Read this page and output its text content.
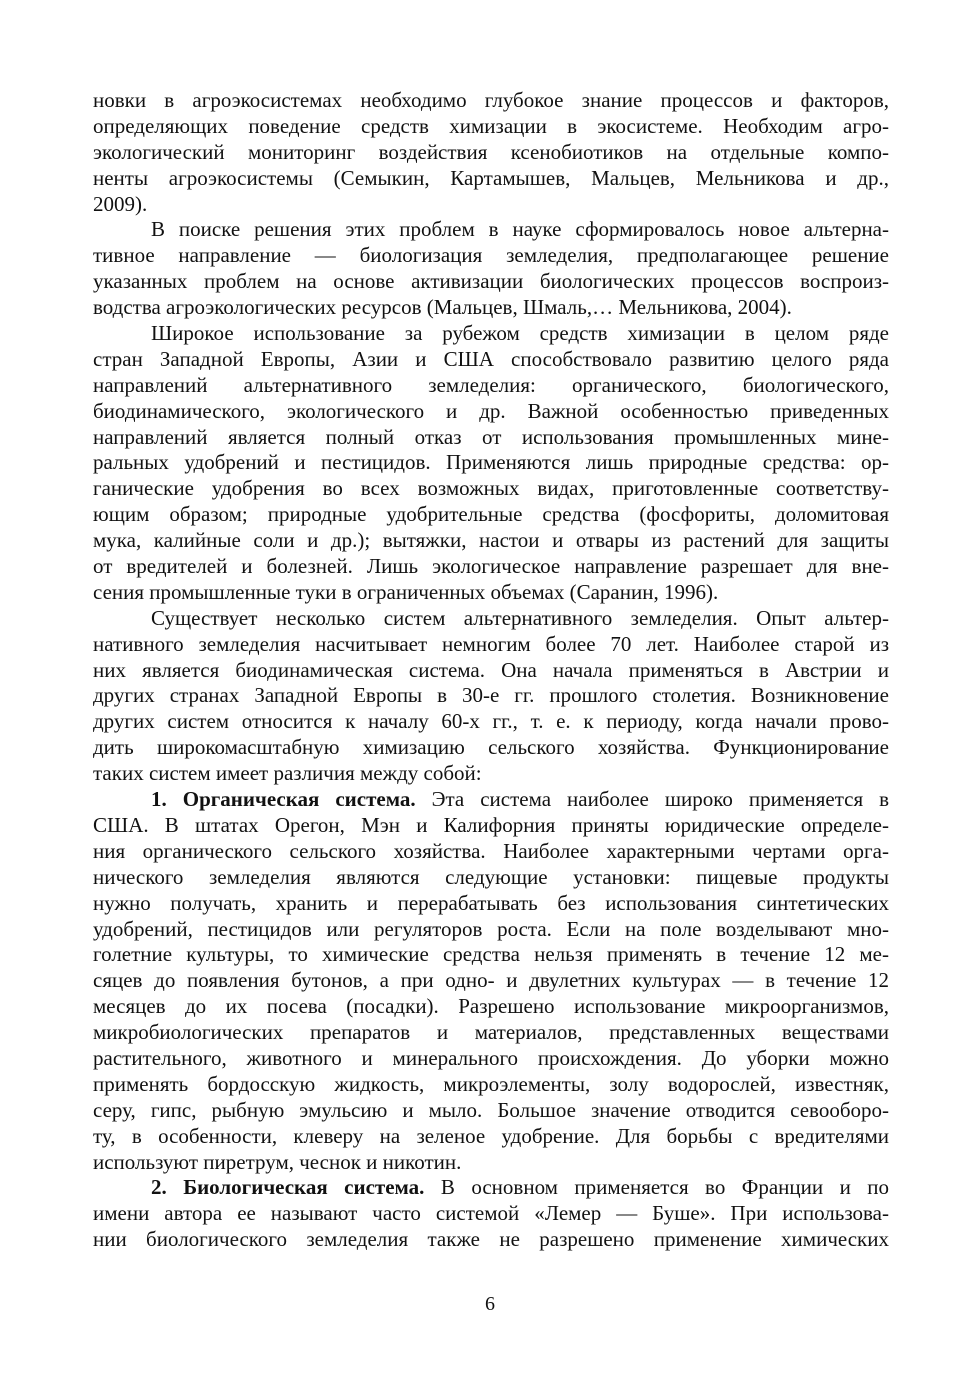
новки в агроэкосистемах необходимо глубокое знание процессов и факторов,
определяющих поведение средств химизации в экосистеме. Необходим агро-
экологический мониторинг воздействия ксенобиотиков на отдельные компо-
ненты агроэкосистемы (Семыкин, Картамышев, Мальцев, Мельникова и др.,
2009).
В поиске решения этих проблем в науке сформировалось новое альтерна-
тивное направление — биологизация земледелия, предполагающее решение
указанных проблем на основе активизации биологических процессов воспроиз-
водства агроэкологических ресурсов (Мальцев, Шмаль,… Мельникова, 2004).
Широкое использование за рубежом средств химизации в целом ряде
стран Западной Европы, Азии и США способствовало развитию целого ряда
направлений альтернативного земледелия: органического, биологического,
биодинамического, экологического и др. Важной особенностью приведенных
направлений является полный отказ от использования промышленных мине-
ральных удобрений и пестицидов. Применяются лишь природные средства: ор-
ганические удобрения во всех возможных видах, приготовленные соответству-
ющим образом; природные удобрительные средства (фосфориты, доломитовая
мука, калийные соли и др.); вытяжки, настои и отвары из растений для защиты
от вредителей и болезней. Лишь экологическое направление разрешает для вне-
сения промышленные туки в ограниченных объемах (Саранин, 1996).
Существует несколько систем альтернативного земледелия. Опыт альтер-
нативного земледелия насчитывает немногим более 70 лет. Наиболее старой из
них является биодинамическая система. Она начала применяться в Австрии и
других странах Западной Европы в 30-е гг. прошлого столетия. Возникновение
других систем относится к началу 60-х гг., т. е. к периоду, когда начали прово-
дить широкомасштабную химизацию сельского хозяйства. Функционирование
таких систем имеет различия между собой:
1. Органическая система. Эта система наиболее широко применяется в
США. В штатах Орегон, Мэн и Калифорния приняты юридические определе-
ния органического сельского хозяйства. Наиболее характерными чертами орга-
нического земледелия являются следующие установки: пищевые продукты
нужно получать, хранить и перерабатывать без использования синтетических
удобрений, пестицидов или регуляторов роста. Если на поле возделывают мно-
голетние культуры, то химические средства нельзя применять в течение 12 ме-
сяцев до появления бутонов, а при одно- и двулетних культурах — в течение 12
месяцев до их посева (посадки). Разрешено использование микроорганизмов,
микробиологических препаратов и материалов, представленных веществами
растительного, животного и минерального происхождения. До уборки можно
применять бордосскую жидкость, микроэлементы, золу водорослей, известняк,
серу, гипс, рыбную эмульсию и мыло. Большое значение отводится севооборо-
ту, в особенности, клеверу на зеленое удобрение. Для борьбы с вредителями
используют пиретрум, чеснок и никотин.
2. Биологическая система. В основном применяется во Франции и по
имени автора ее называют часто системой «Лемер — Буше». При использова-
нии биологического земледелия также не разрешено применение химических
6
